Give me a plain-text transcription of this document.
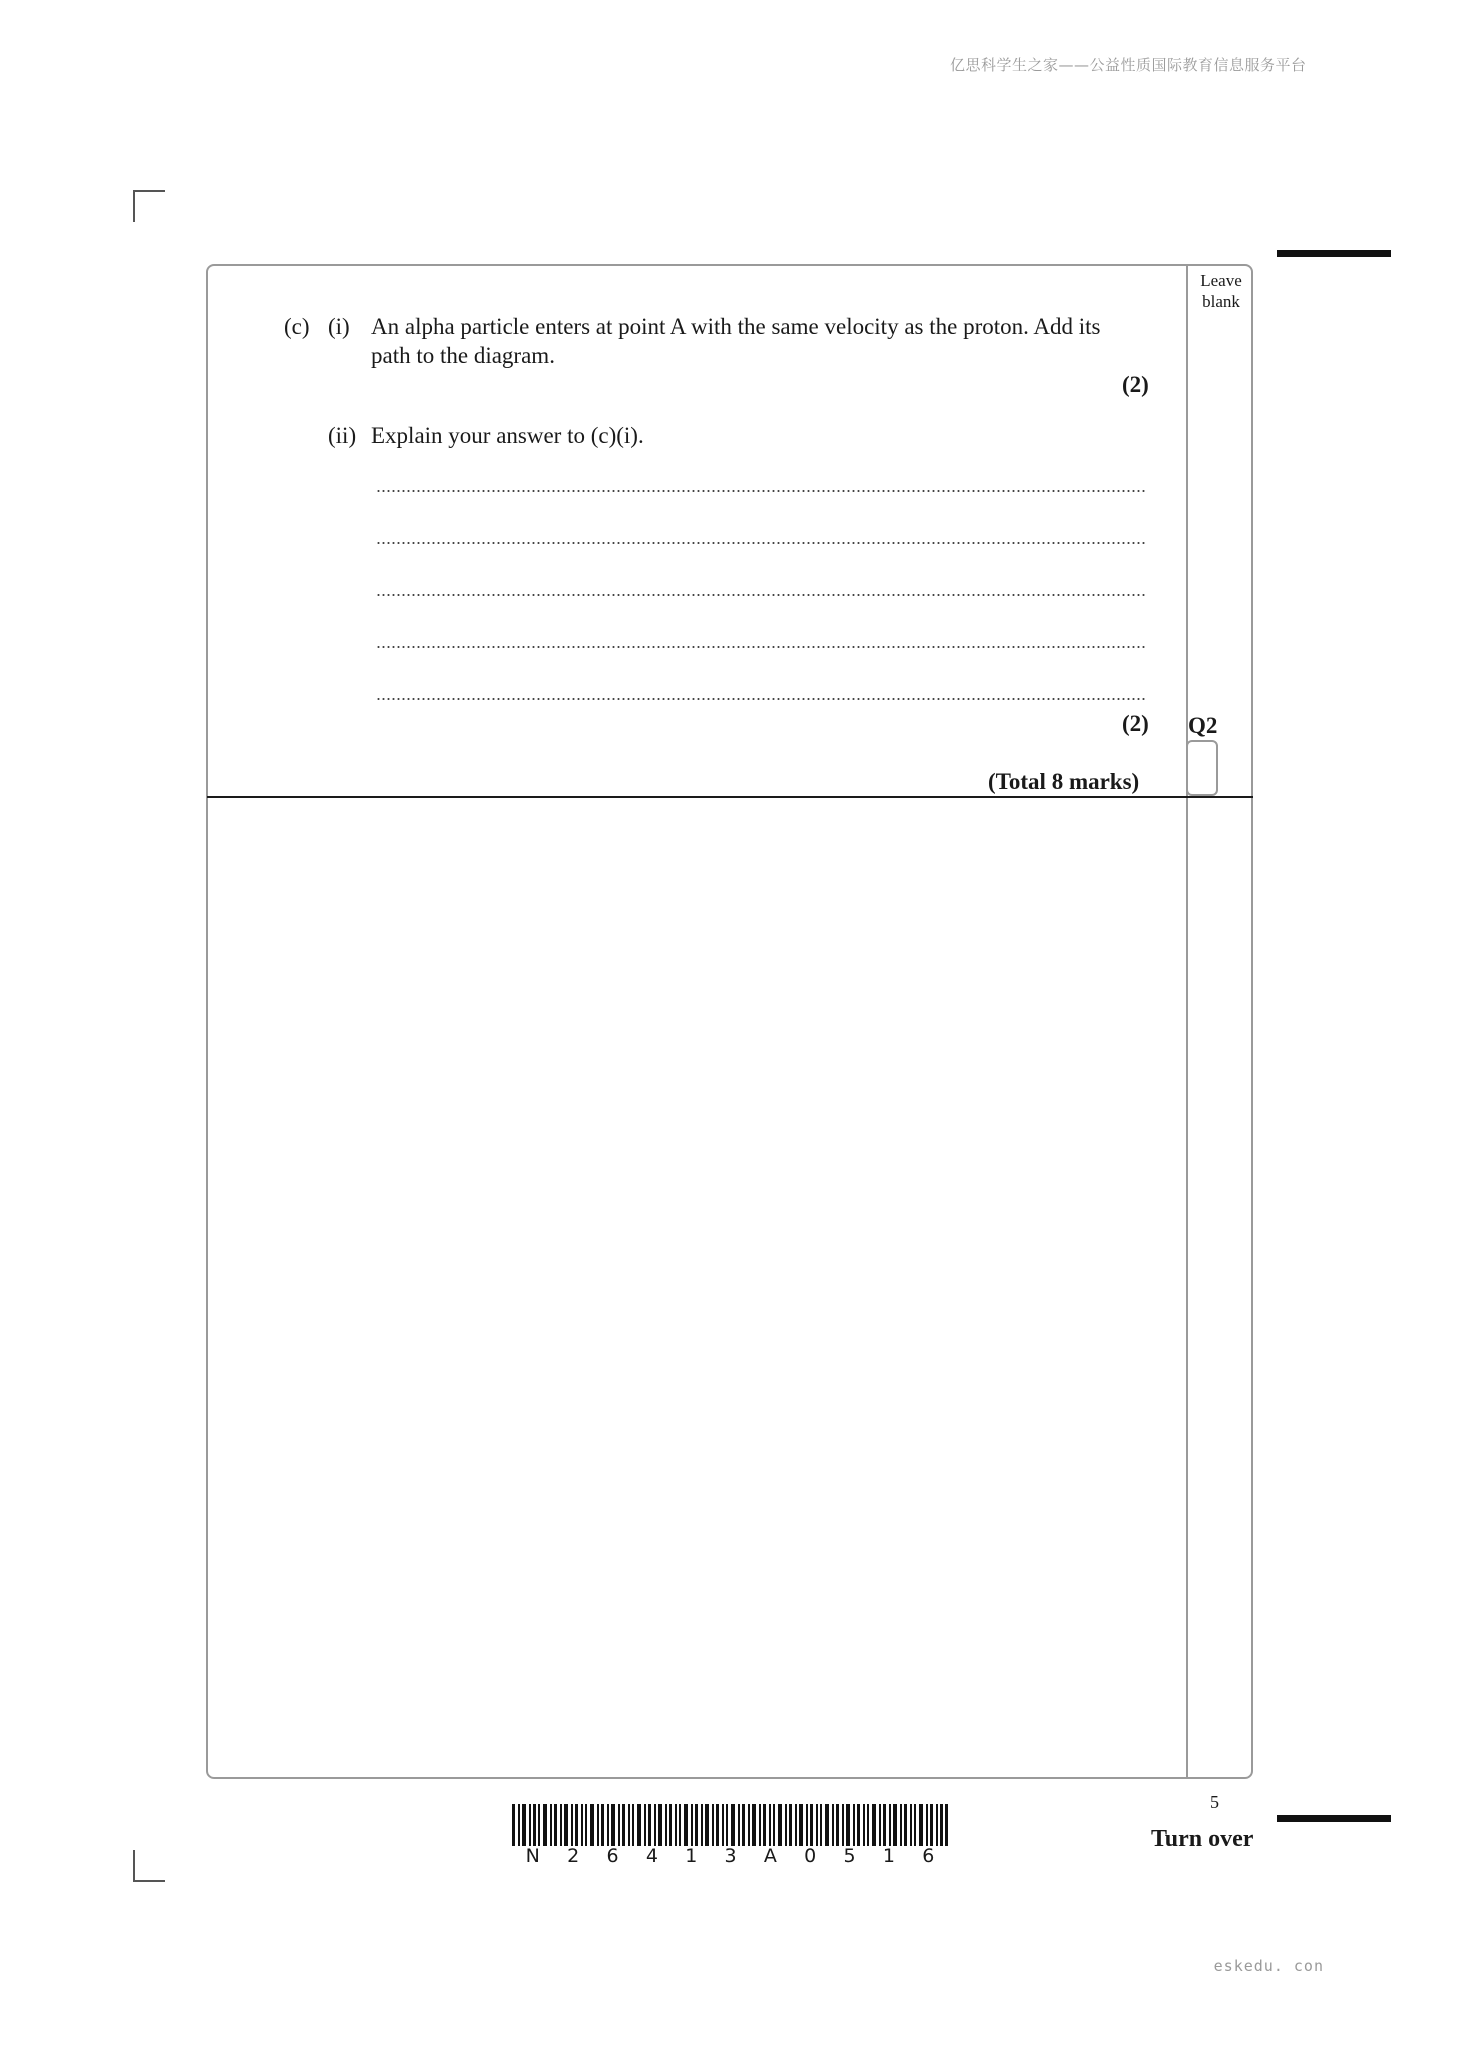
亿思科学生之家——公益性质国际教育信息服务平台
eskedu. con
Leave blank
(c) (i) An alpha particle enters at point A with the same velocity as the proton. Add its
path to the diagram.
(2)
(ii) Explain your answer to (c)(i).
(2) Q2
(Total 8 marks)
5
Turn over
N 2 6 4 1 3 A 0 5 1 6
